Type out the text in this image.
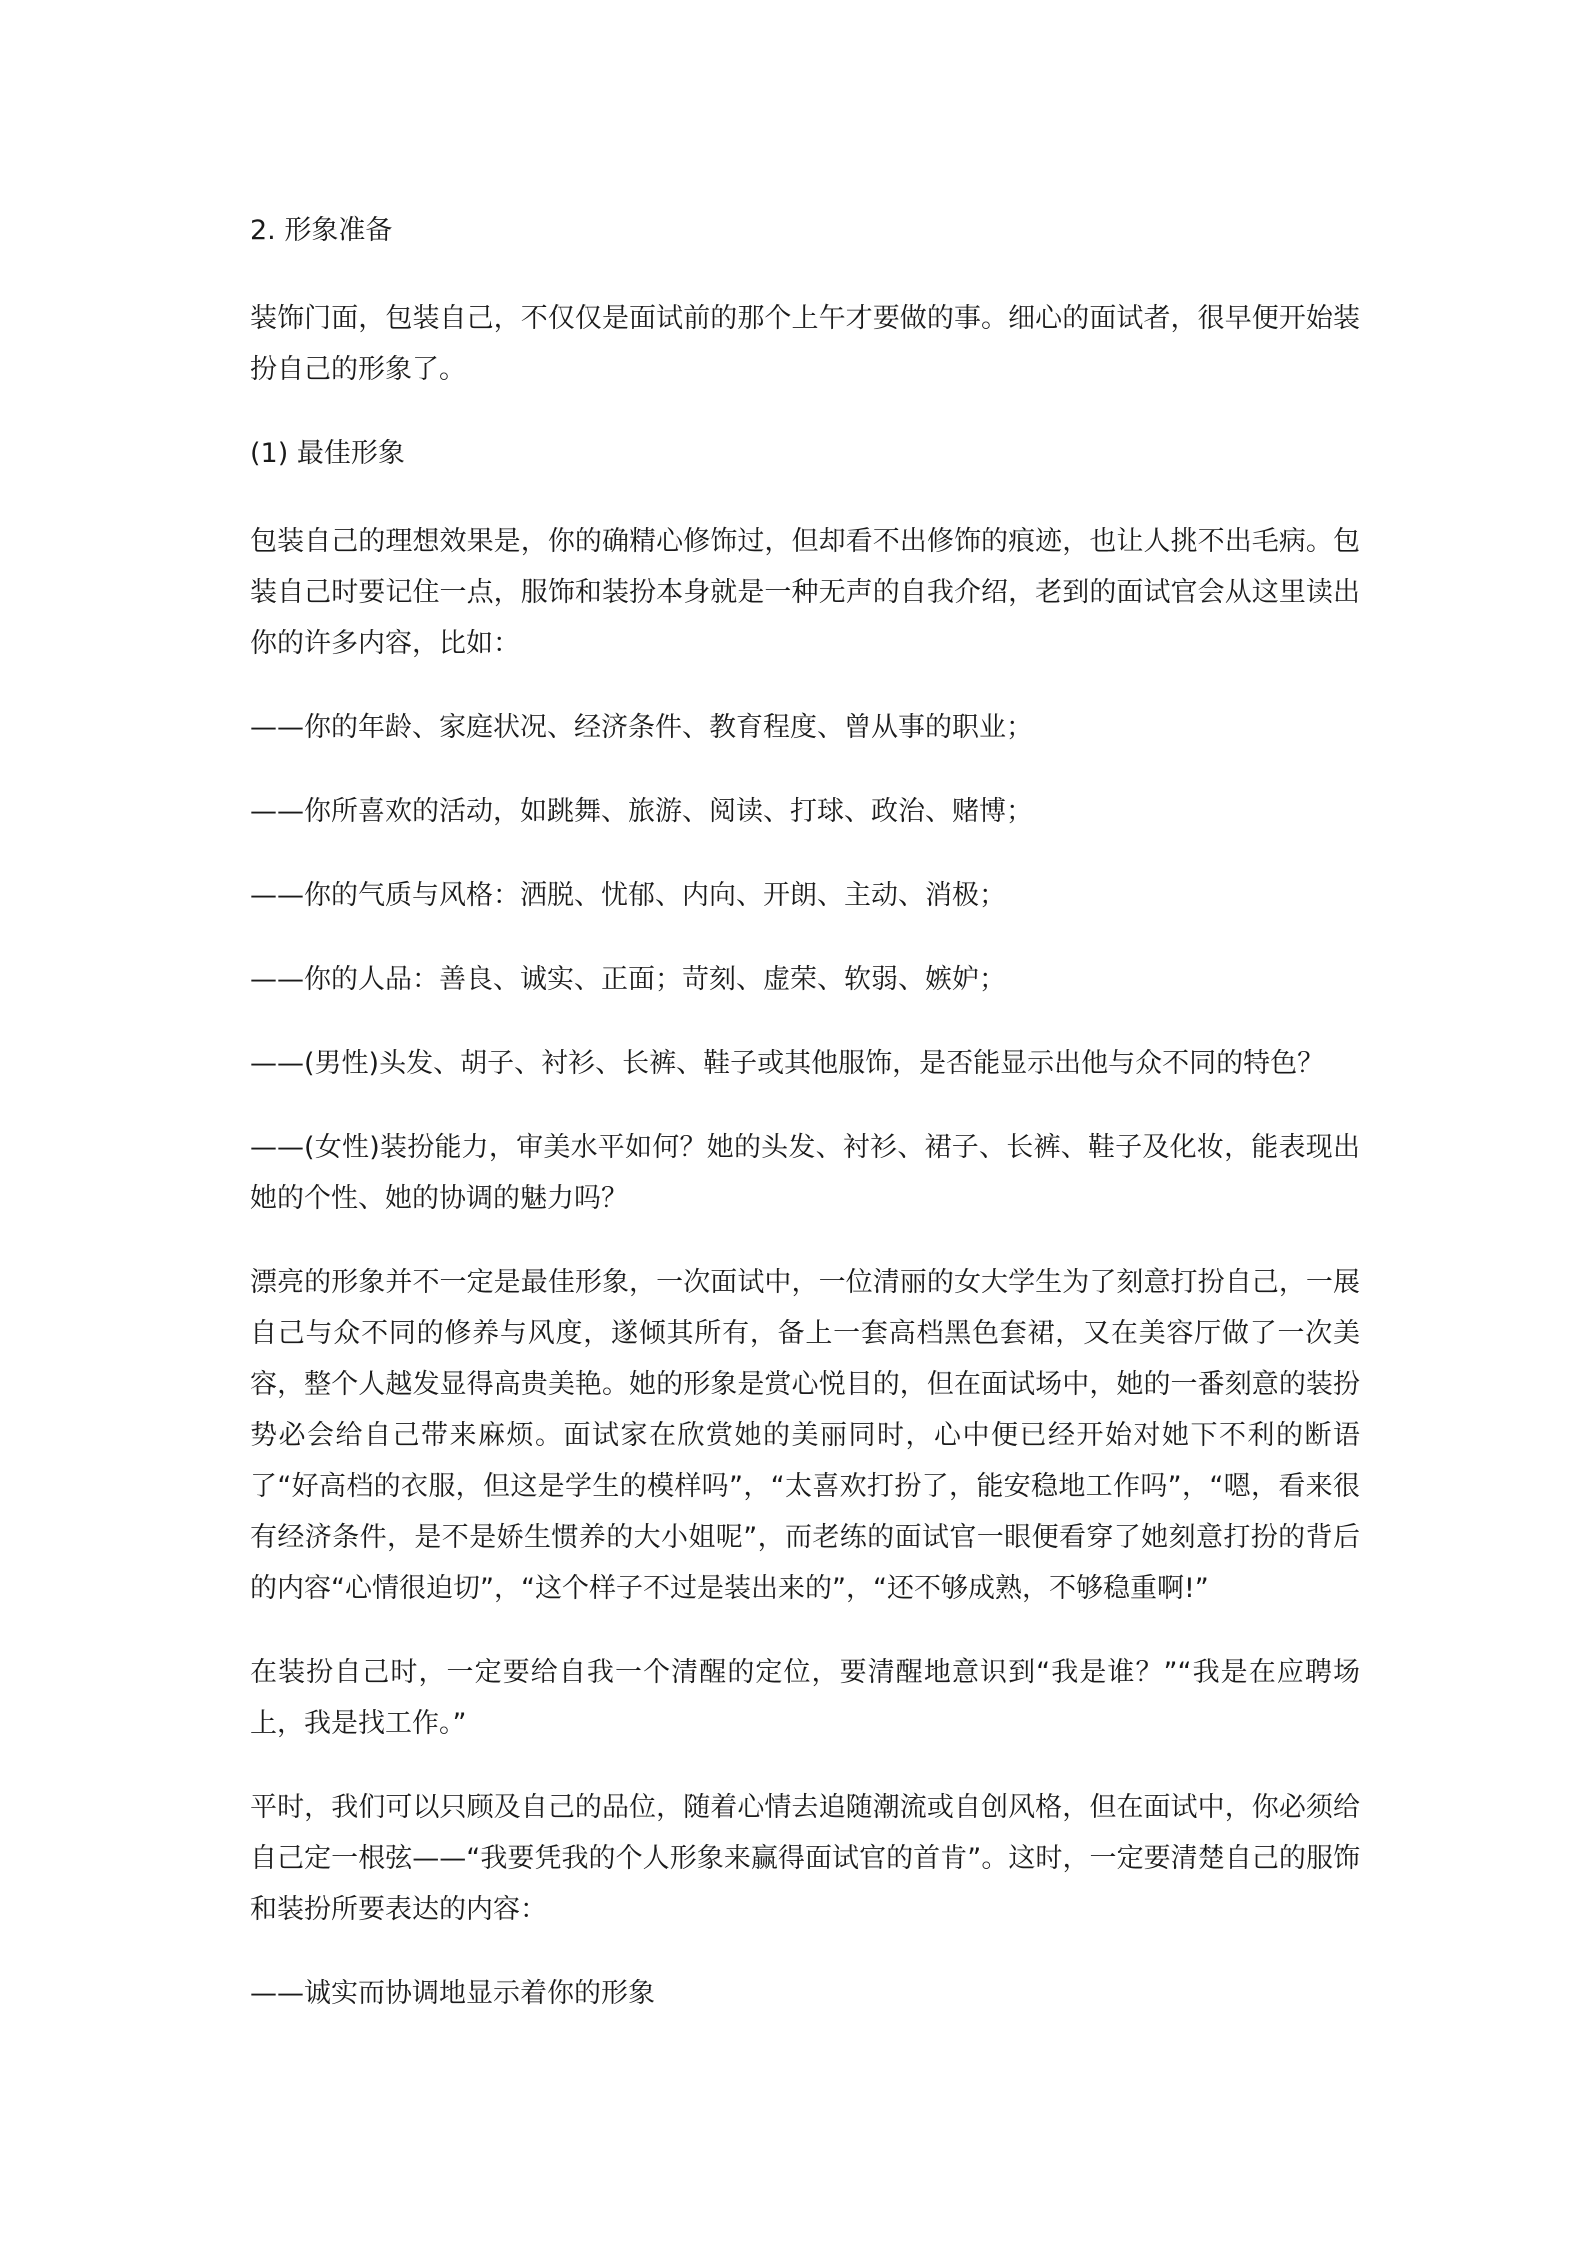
2. 形象准备

装饰门面，包装自己，不仅仅是面试前的那个上午才要做的事。细心的面试者，很早便开始装扮自己的形象了。

(1) 最佳形象

包装自己的理想效果是，你的确精心修饰过，但却看不出修饰的痕迹，也让人挑不出毛病。包装自己时要记住一点，服饰和装扮本身就是一种无声的自我介绍，老到的面试官会从这里读出你的许多内容，比如：

——你的年龄、家庭状况、经济条件、教育程度、曾从事的职业；

——你所喜欢的活动，如跳舞、旅游、阅读、打球、政治、赌博；

——你的气质与风格：洒脱、忧郁、内向、开朗、主动、消极；

——你的人品：善良、诚实、正面；苛刻、虚荣、软弱、嫉妒；

——(男性)头发、胡子、衬衫、长裤、鞋子或其他服饰，是否能显示出他与众不同的特色？

——(女性)装扮能力，审美水平如何？她的头发、衬衫、裙子、长裤、鞋子及化妆，能表现出她的个性、她的协调的魅力吗？

漂亮的形象并不一定是最佳形象，一次面试中，一位清丽的女大学生为了刻意打扮自己，一展自己与众不同的修养与风度，遂倾其所有，备上一套高档黑色套裙，又在美容厅做了一次美容，整个人越发显得高贵美艳。她的形象是赏心悦目的，但在面试场中，她的一番刻意的装扮势必会给自己带来麻烦。面试家在欣赏她的美丽同时，心中便已经开始对她下不利的断语了“好高档的衣服，但这是学生的模样吗”，“太喜欢打扮了，能安稳地工作吗”，“嗯，看来很有经济条件，是不是娇生惯养的大小姐呢”，而老练的面试官一眼便看穿了她刻意打扮的背后的内容“心情很迫切”，“这个样子不过是装出来的”，“还不够成熟，不够稳重啊!”

在装扮自己时，一定要给自我一个清醒的定位，要清醒地意识到“我是谁？”“我是在应聘场上，我是找工作。”

平时，我们可以只顾及自己的品位，随着心情去追随潮流或自创风格，但在面试中，你必须给自己定一根弦——“我要凭我的个人形象来赢得面试官的首肯”。这时，一定要清楚自己的服饰和装扮所要表达的内容：

——诚实而协调地显示着你的形象
